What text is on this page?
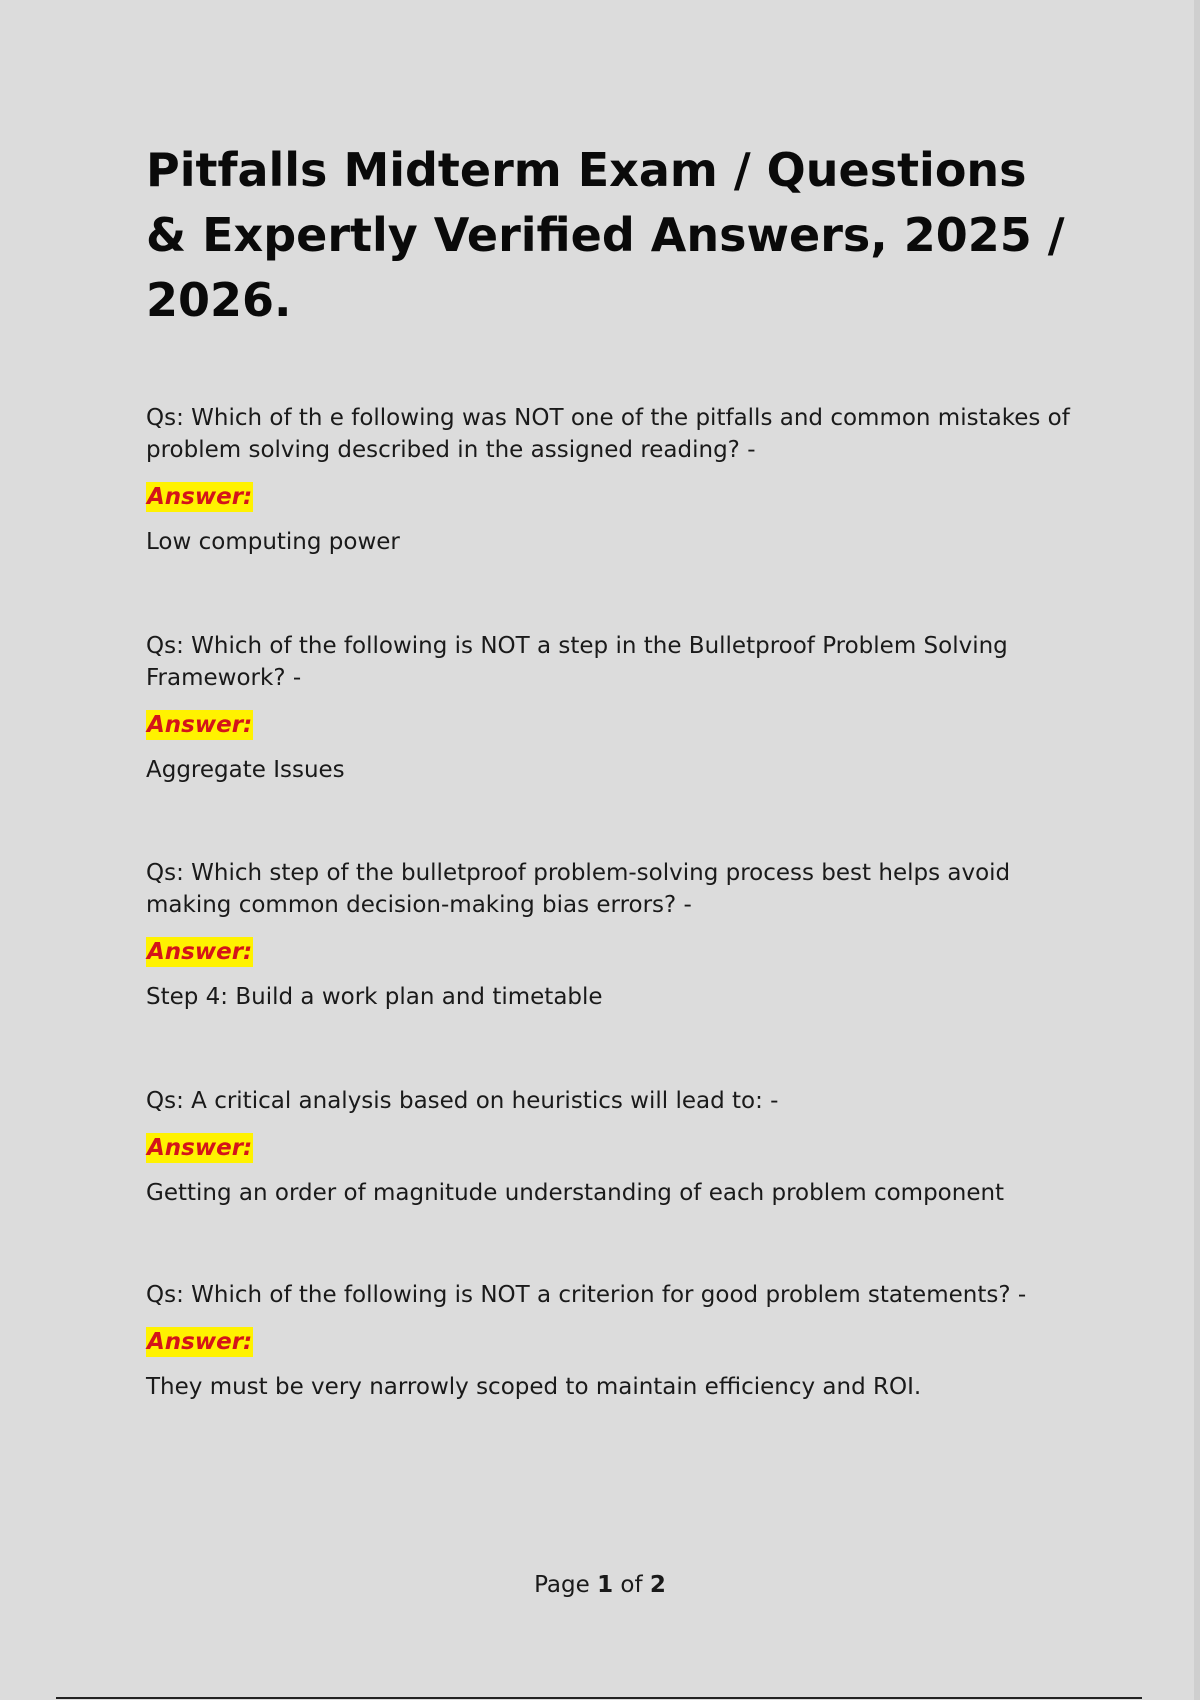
Pitfalls Midterm Exam / Questions & Expertly Verified Answers, 2025 / 2026.

Qs: Which of th e following was NOT one of the pitfalls and common mistakes of problem solving described in the assigned reading? -

Answer:

Low computing power

Qs: Which of the following is NOT a step in the Bulletproof Problem Solving Framework? -

Answer:

Aggregate Issues

Qs: Which step of the bulletproof problem-solving process best helps avoid making common decision-making bias errors? -

Answer:

Step 4: Build a work plan and timetable

Qs: A critical analysis based on heuristics will lead to: -

Answer:

Getting an order of magnitude understanding of each problem component

Qs: Which of the following is NOT a criterion for good problem statements? -

Answer:

They must be very narrowly scoped to maintain efficiency and ROI.

Page 1 of 2
